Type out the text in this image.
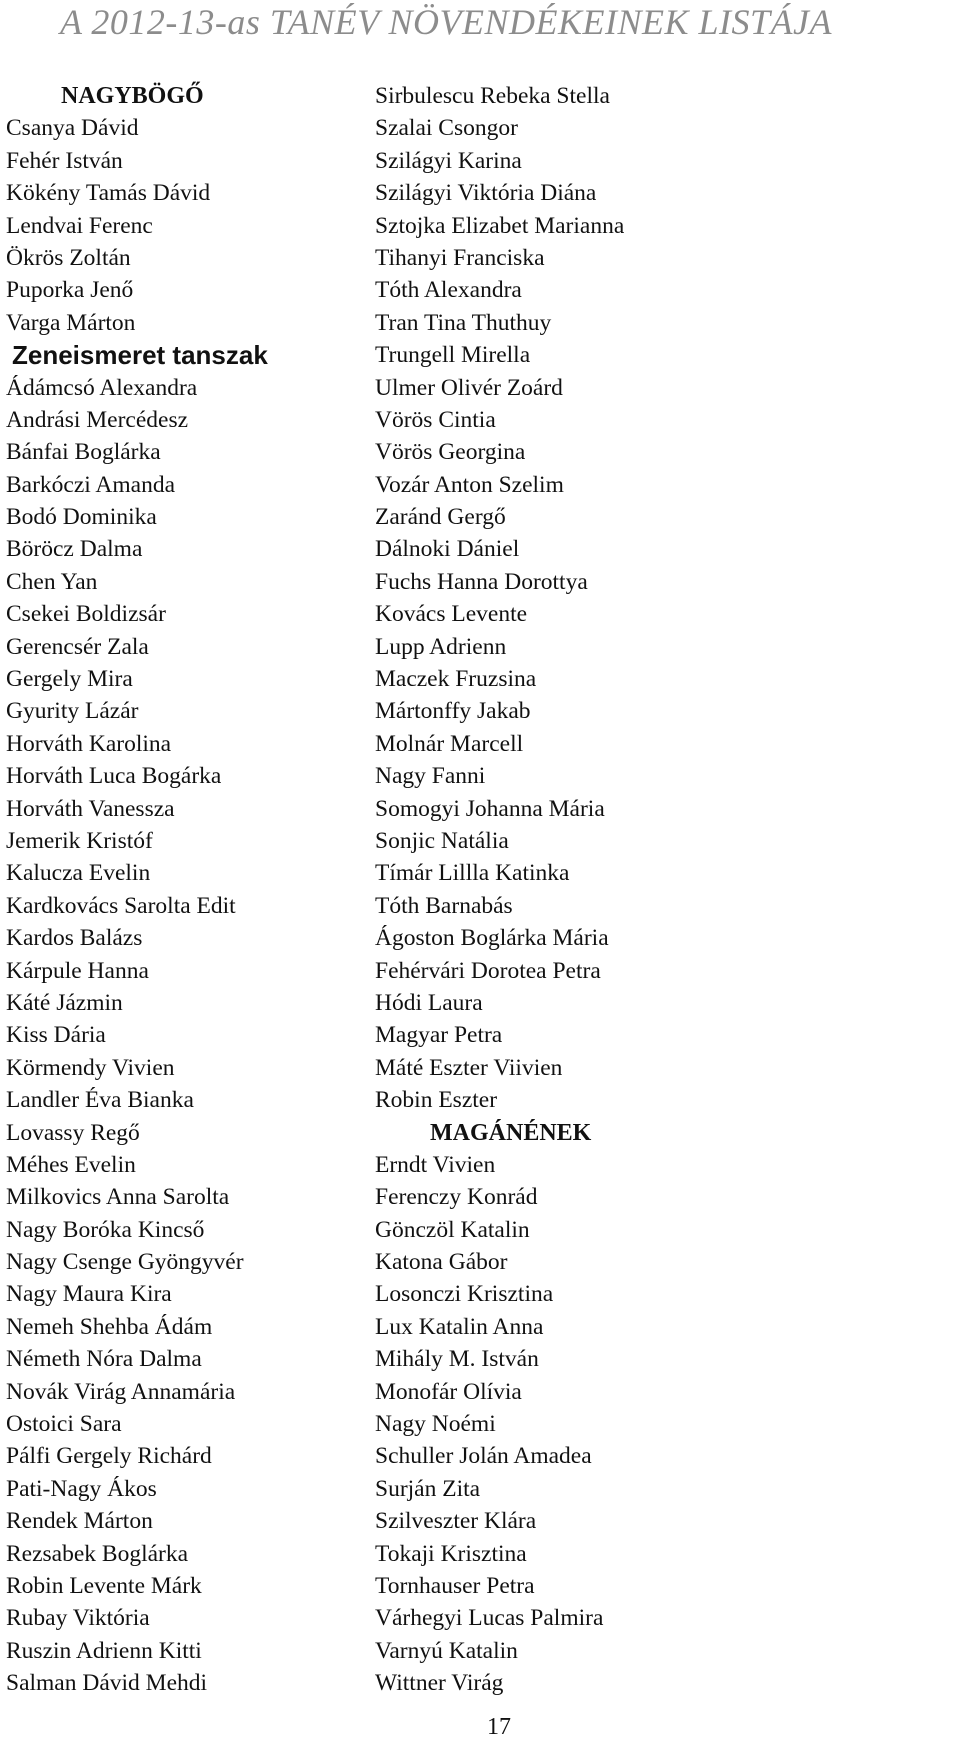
A 2012-13-as TANÉV NÖVENDÉKEINEK LISTÁJA
NAGYBÖGŐ
Csanya Dávid
Fehér István
Kökény Tamás Dávid
Lendvai Ferenc
Ökrös Zoltán
Puporka Jenő
Varga Márton
Zeneismeret tanszak
Ádámcsó Alexandra
Andrási Mercédesz
Bánfai Boglárka
Barkóczi Amanda
Bodó Dominika
Böröcz Dalma
Chen Yan
Csekei Boldizsár
Gerencsér Zala
Gergely Mira
Gyurity Lázár
Horváth Karolina
Horváth Luca Bogárka
Horváth Vanessza
Jemerik Kristóf
Kalucza Evelin
Kardkovács Sarolta Edit
Kardos Balázs
Kárpule Hanna
Káté Jázmin
Kiss Dária
Körmendy Vivien
Landler Éva Bianka
Lovassy Regő
Méhes Evelin
Milkovics Anna Sarolta
Nagy Boróka Kincső
Nagy Csenge Gyöngyvér
Nagy Maura Kira
Nemeh Shehba Ádám
Németh Nóra Dalma
Novák Virág Annamária
Ostoici Sara
Pálfi Gergely Richárd
Pati-Nagy Ákos
Rendek Márton
Rezsabek Boglárka
Robin Levente Márk
Rubay Viktória
Ruszin Adrienn Kitti
Salman Dávid Mehdi
Sirbulescu Rebeka Stella
Szalai Csongor
Szilágyi Karina
Szilágyi Viktória Diána
Sztojka Elizabet Marianna
Tihanyi Franciska
Tóth Alexandra
Tran Tina Thuthuy
Trungell Mirella
Ulmer Olivér Zoárd
Vörös Cintia
Vörös Georgina
Vozár Anton Szelim
Zaránd Gergő
Dálnoki Dániel
Fuchs Hanna Dorottya
Kovács Levente
Lupp Adrienn
Maczek Fruzsina
Mártonffy Jakab
Molnár Marcell
Nagy Fanni
Somogyi Johanna Mária
Sonjic Natália
Tímár Lillla Katinka
Tóth Barnabás
Ágoston Boglárka Mária
Fehérvári Dorotea Petra
Hódi Laura
Magyar Petra
Máté Eszter Viivien
Robin Eszter
MAGÁNÉNEK
Erndt Vivien
Ferenczy Konrád
Gönczöl Katalin
Katona Gábor
Losonczi Krisztina
Lux Katalin Anna
Mihály M. István
Monofár Olívia
Nagy Noémi
Schuller Jolán Amadea
Surján Zita
Szilveszter Klára
Tokaji Krisztina
Tornhauser Petra
Várhegyi Lucas Palmira
Varnyú Katalin
Wittner Virág
17
